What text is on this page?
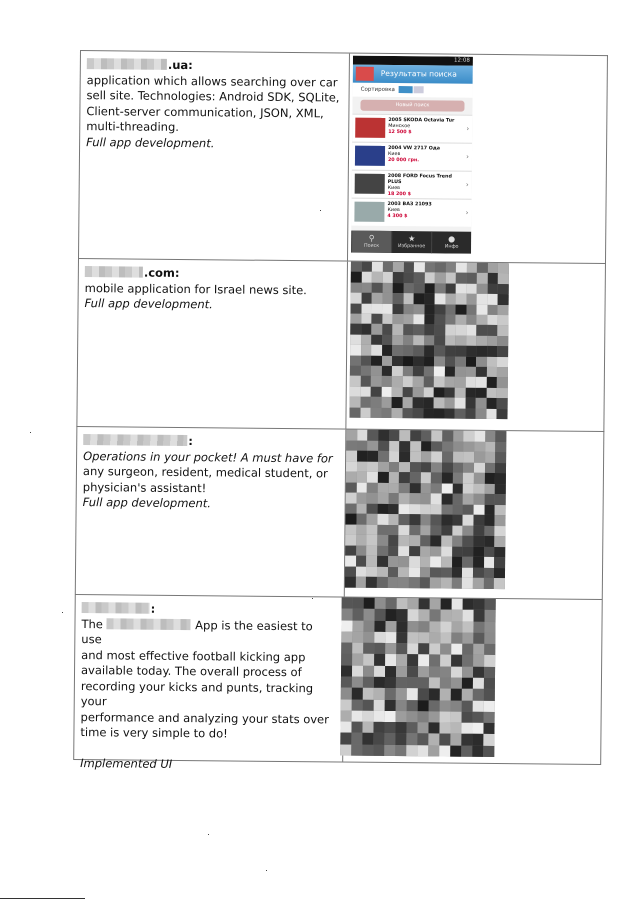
.ua:
application which allows searching over car
sell site. Technologies: Android SDK, SQLite,
Client-server communication, JSON, XML,
multi-threading.
Full app development.
12:08
Результаты поиска
Сортировка
Новый поиск
2005 SKODA Octavia Tur
Минское
12 500 $	›
2004 VW 2717 Ода
Киев
20 000 грн.	›
2008 FORD Focus Trend PLUS
Киев
18 200 $
›
2003 ВАЗ 21093
Киев
4 300 $	›
⚲
Поиск
★
Избранное
●
Инфо
.com:
mobile application for Israel news site.
Full app development.
:
Operations in your pocket! A must have for
any surgeon, resident, medical student, or
physician's assistant!
Full app development.
:
The	App is the easiest to use
and most effective football kicking app
available today. The overall process of
recording your kicks and punts, tracking your
performance and analyzing your stats over
time is very simple to do!
Implemented UI
